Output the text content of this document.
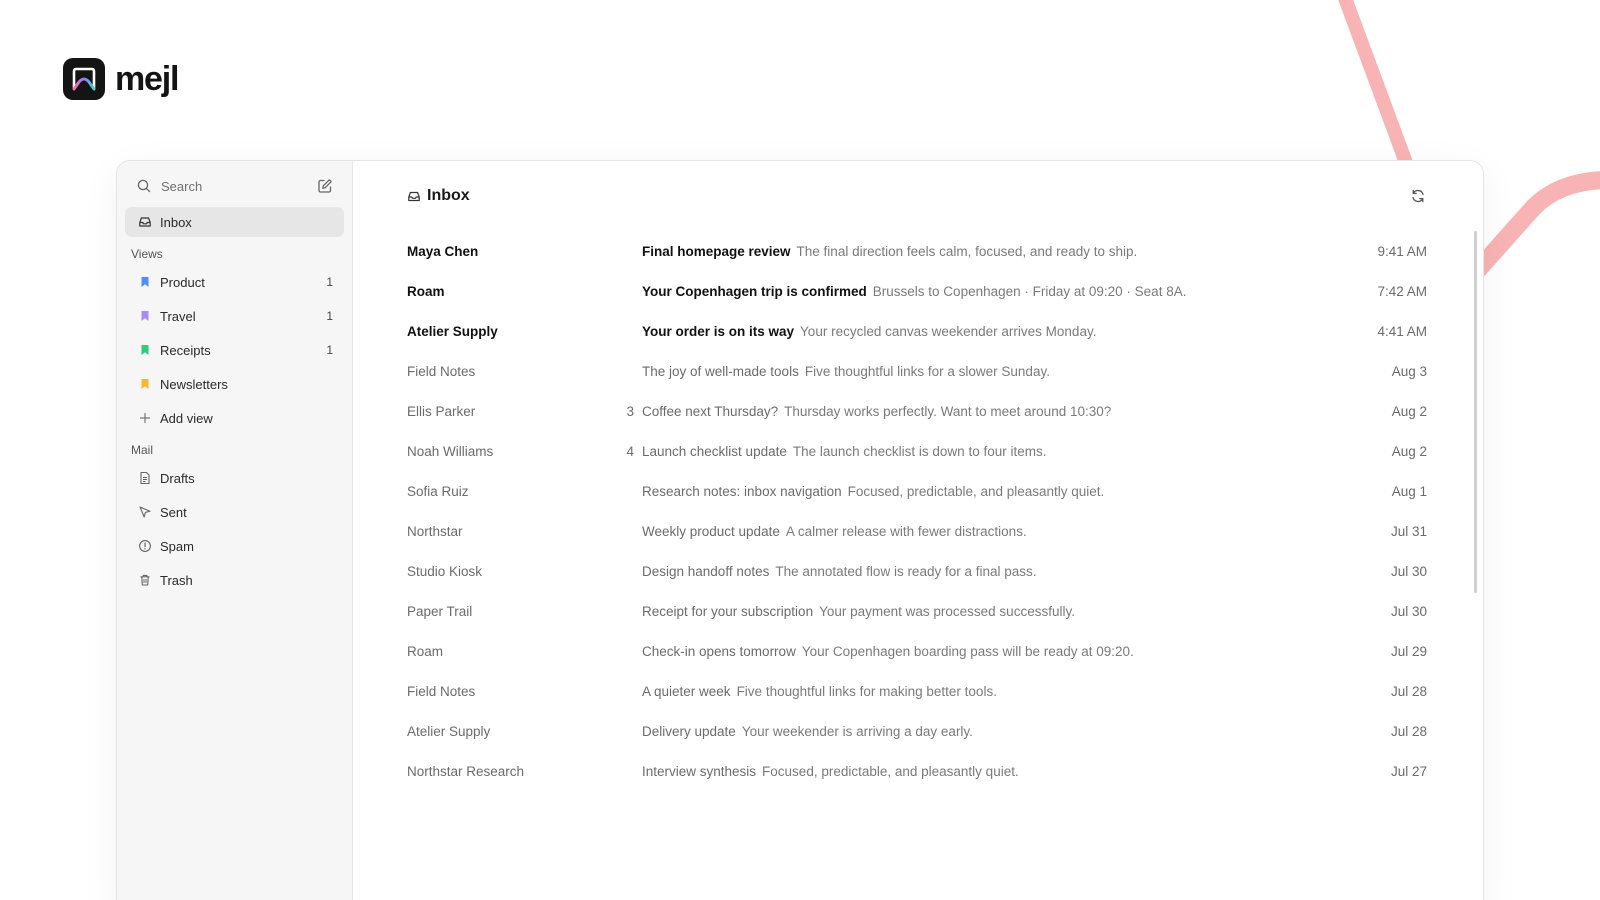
mejl
Search
Inbox
Views
Product	1
Travel	1
Receipts	1
Newsletters
Add view
Mail
Drafts
Sent
Spam
Trash
Inbox
Maya Chen	Final homepage review The final direction feels calm, focused, and ready to ship.	9:41 AM
Roam	Your Copenhagen trip is confirmed Brussels to Copenhagen · Friday at 09:20 · Seat 8A.	7:42 AM
Atelier Supply	Your order is on its way Your recycled canvas weekender arrives Monday.	4:41 AM
Field Notes	The joy of well-made tools Five thoughtful links for a slower Sunday.	Aug 3
Ellis Parker	3 Coffee next Thursday? Thursday works perfectly. Want to meet around 10:30?	Aug 2
Noah Williams	4 Launch checklist update The launch checklist is down to four items.	Aug 2
Sofia Ruiz	Research notes: inbox navigation Focused, predictable, and pleasantly quiet.	Aug 1
Northstar	Weekly product update A calmer release with fewer distractions.	Jul 31
Studio Kiosk	Design handoff notes The annotated flow is ready for a final pass.	Jul 30
Paper Trail	Receipt for your subscription Your payment was processed successfully.	Jul 30
Roam	Check-in opens tomorrow Your Copenhagen boarding pass will be ready at 09:20.	Jul 29
Field Notes	A quieter week Five thoughtful links for making better tools.	Jul 28
Atelier Supply	Delivery update Your weekender is arriving a day early.	Jul 28
Northstar Research	Interview synthesis Focused, predictable, and pleasantly quiet.	Jul 27
